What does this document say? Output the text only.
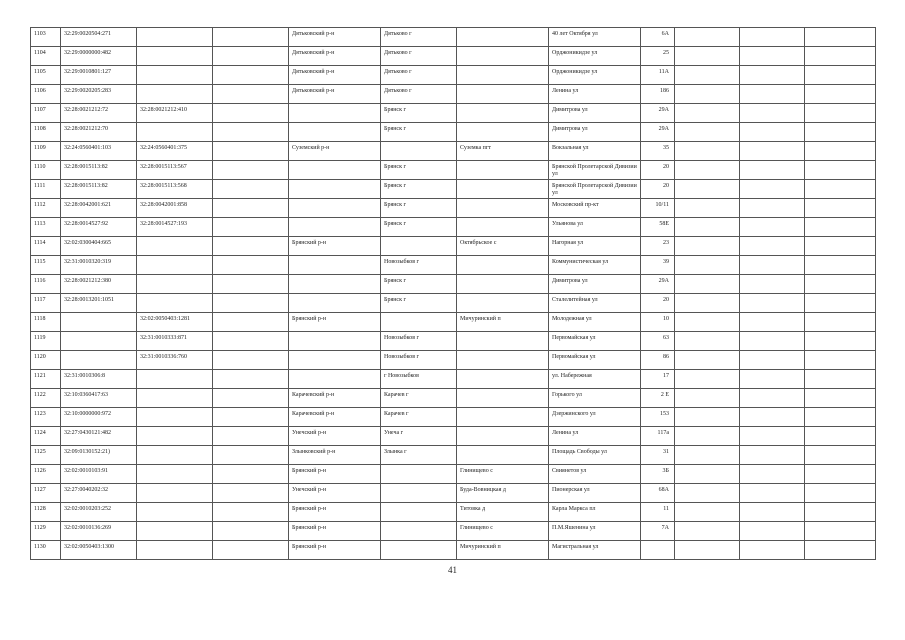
1103	32:29:0020504:271			Дятьковский р-н	Дятьково г		40 лет Октября ул	6А			
1104	32:29:0000000:482			Дятьковский р-н	Дятьково г		Орджоникидзе ул	25			
1105	32:29:0010801:127			Дятьковский р-н	Дятьково г		Орджоникидзе ул	11А			
1106	32:29:0020205:283			Дятьковский р-н	Дятьково г		Ленина ул	186			
1107	32:28:0021212:72	32:28:0021212:410			Брянск г		Димитрова ул	29А			
1108	32:28:0021212:70				Брянск г		Димитрова ул	29А			
1109	32:24:0560401:103	32:24:0560401:375		Суземский р-н		Суземка пгт	Вокзальная ул	35			
1110	32:28:0015113:82	32:28:0015113:567			Брянск г		Брянской Пролетарской Дивизии ул	20			
1111	32:28:0015113:82	32:28:0015113:568			Брянск г		Брянской Пролетарской Дивизии ул	20			
1112	32:28:0042001:621	32:28:0042001:858			Брянск г		Московский пр-кт	10/11			
1113	32:28:0014527:92	32:28:0014527:193			Брянск г		Ульянова ул	58Е			
1114	32:02:0300404:665			Брянский р-н		Октябрьское с	Нагорная ул	23			
1115	32:31:0010320:319				Новозыбков г		Коммунистическая ул	39			
1116	32:28:0021212:380				Брянск г		Димитрова ул	29А			
1117	32:28:0013201:1051				Брянск г		Сталелитейная ул	20			
1118		32:02:0050403:1281		Брянский р-н		Мичуринский п	Молодежная ул	10			
1119		32:31:0010333:871			Новозыбков г		Первомайская ул	63			
1120		32:31:0010336:760			Новозыбков г		Первомайская ул	86			
1121	32:31:0010306:8				г Новозыбков		ул. Набережная	17			
1122	32:10:0360417:63			Карачевский р-н	Карачев г		Горького ул	2 Е			
1123	32:10:0000000:972			Карачевский р-н	Карачев г		Дзержинского ул	153			
1124	32:27:0430121:482			Унечский р-н	Унеча г		Ленина ул	117а			
1125	32:09:0130152:21)			Злынковский р-н	Злынка г		Площадь Свободы ул	31			
1126	32:02:0010103:91			Брянский р-н		Глинищево с	Свиянетов ул	3Б			
1127	32:27:0040202:32			Унечский р-н		Буда-Вовницкая д	Пионерская ул	68А			
1128	32:02:0010203:252			Брянский р-н		Титовка д	Карла Маркса пл	11			
1129	32:02:0010136:269			Брянский р-н		Глинищево с	П.М.Яшенина ул	7А			
1130	32:02:0050403:1300			Брянский р-н		Мичуринский п	Магистральная ул				
41
